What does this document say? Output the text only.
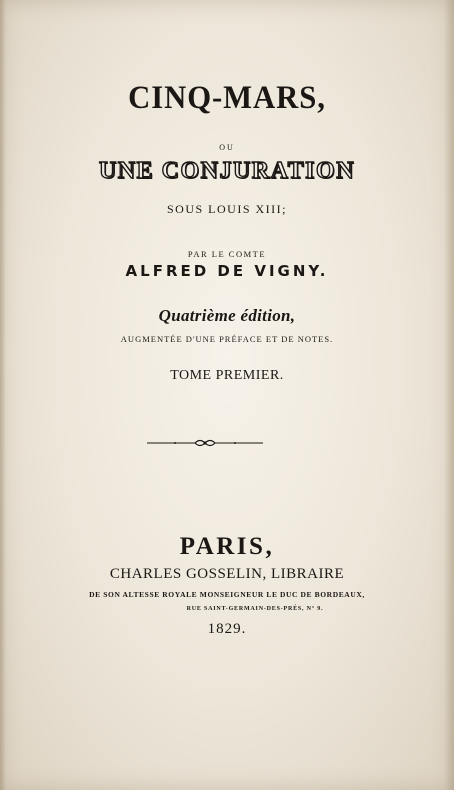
CINQ-MARS,
OU
UNE CONJURATION
SOUS LOUIS XIII;
PAR LE COMTE
ALFRED DE VIGNY.
Quatrième édition,
AUGMENTÉE D'UNE PRÉFACE ET DE NOTES.
TOME PREMIER.
PARIS,
CHARLES GOSSELIN, LIBRAIRE
DE SON ALTESSE ROYALE MONSEIGNEUR LE DUC DE BORDEAUX,
RUE SAINT-GERMAIN-DES-PRÉS, N° 9.
1829.
